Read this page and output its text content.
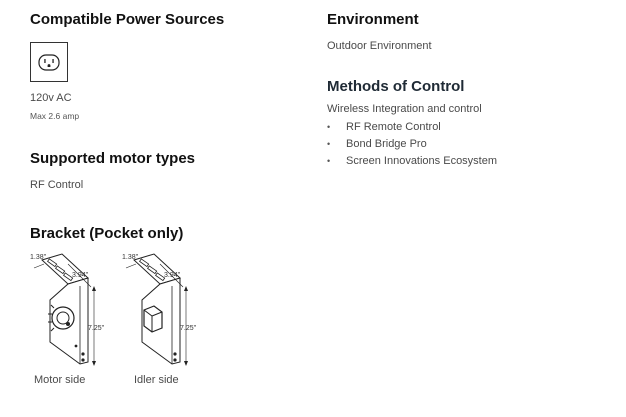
Compatible Power Sources

120v AC

Max 2.6 amp

Supported motor types

RF Control

Bracket (Pocket only)
1.38"
3.94"
7.25"

Motor side

1.38"
3.94"
7.25"

Idler side

Environment

Outdoor Environment

Methods of Control

Wireless Integration and control

• RF Remote Control
• Bond Bridge Pro
• Screen Innovations Ecosystem
